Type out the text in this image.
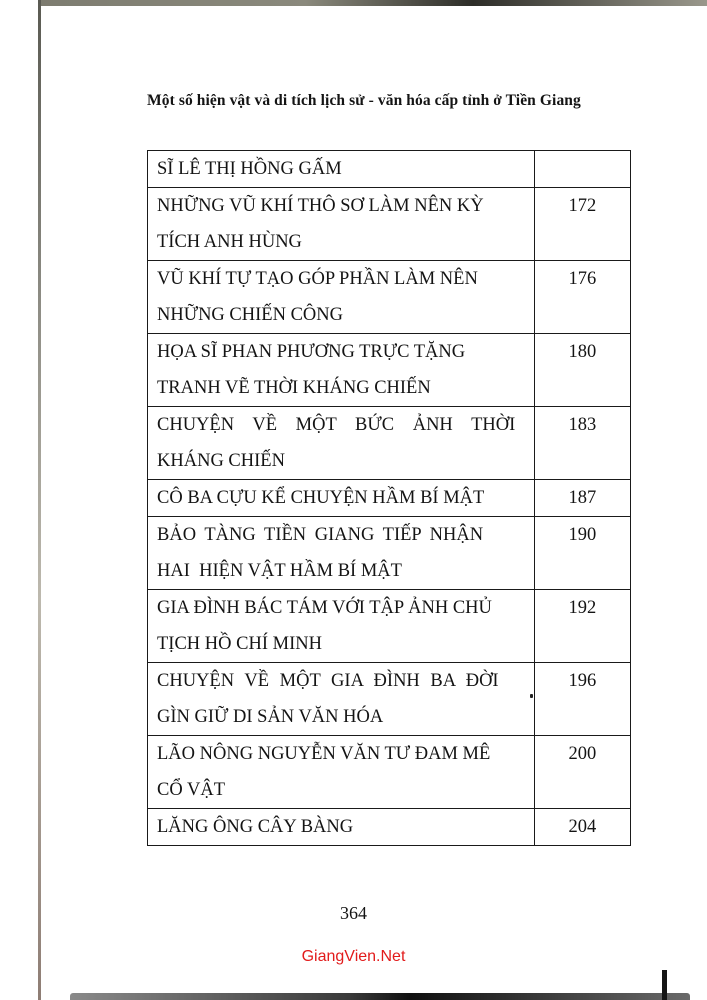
Một số hiện vật và di tích lịch sử - văn hóa cấp tỉnh ở Tiền Giang
SĨ LÊ THỊ HỒNG GẤM	

NHỮNG VŨ KHÍ THÔ SƠ LÀM NÊN KỲ
TÍCH ANH HÙNG	172

VŨ KHÍ TỰ TẠO GÓP PHẦN LÀM NÊN
NHỮNG CHIẾN CÔNG	176

HỌA SĨ PHAN PHƯƠNG TRỰC TẶNG
TRANH VẼ THỜI KHÁNG CHIẾN	180

CHUYỆN VỀ MỘT BỨC ẢNH THỜI
KHÁNG CHIẾN	183

CÔ BA CỰU KỂ CHUYỆN HẦM BÍ MẬT	187

BẢO TÀNG TIỀN GIANG TIẾP NHẬN
HAI  HIỆN VẬT HẦM BÍ MẬT	190

GIA ĐÌNH BÁC TÁM VỚI TẬP ẢNH CHỦ
TỊCH HỒ CHÍ MINH	192

CHUYỆN VỀ MỘT GIA ĐÌNH BA ĐỜI
GÌN GIỮ DI SẢN VĂN HÓA	196

LÃO NÔNG NGUYỄN VĂN TƯ ĐAM MÊ
CỔ VẬT	200

LĂNG ÔNG CÂY BÀNG	204
364
GiangVien.Net
